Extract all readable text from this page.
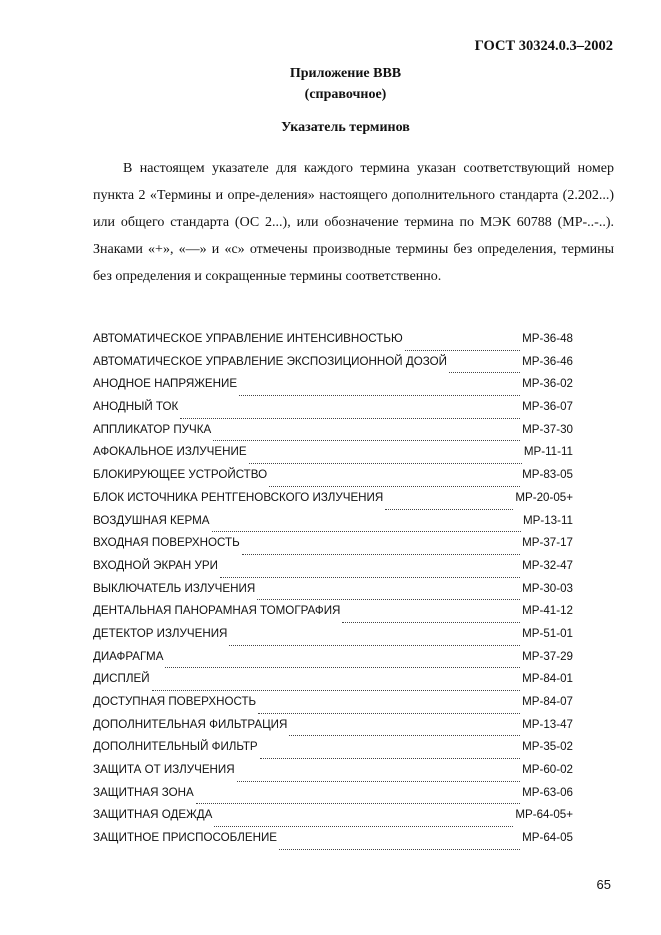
ГОСТ 30324.0.3–2002
Приложение ВВВ
(справочное)
Указатель терминов

В настоящем указателе для каждого термина указан соответствующий номер пункта 2 «Термины и опре-деления» настоящего дополнительного стандарта (2.202...) или общего стандарта (ОС 2...), или обозначение термина по МЭК 60788 (МР-..-..). Знаками «+», «—» и «с» отмечены производные термины без определения, термины без определения и сокращенные термины соответственно.

АВТОМАТИЧЕСКОЕ УПРАВЛЕНИЕ ИНТЕНСИВНОСТЬЮ	МР-36-48
АВТОМАТИЧЕСКОЕ УПРАВЛЕНИЕ ЭКСПОЗИЦИОННОЙ ДОЗОЙ	МР-36-46
АНОДНОЕ НАПРЯЖЕНИЕ	МР-36-02
АНОДНЫЙ ТОК	МР-36-07
АППЛИКАТОР ПУЧКА	МР-37-30
АФОКАЛЬНОЕ ИЗЛУЧЕНИЕ	МР-11-11
БЛОКИРУЮЩЕЕ УСТРОЙСТВО	МР-83-05
БЛОК ИСТОЧНИКА РЕНТГЕНОВСКОГО ИЗЛУЧЕНИЯ	МР-20-05+
ВОЗДУШНАЯ КЕРМА	МР-13-11
ВХОДНАЯ ПОВЕРХНОСТЬ	МР-37-17
ВХОДНОЙ ЭКРАН УРИ	МР-32-47
ВЫКЛЮЧАТЕЛЬ ИЗЛУЧЕНИЯ	МР-30-03
ДЕНТАЛЬНАЯ ПАНОРАМНАЯ ТОМОГРАФИЯ	МР-41-12
ДЕТЕКТОР ИЗЛУЧЕНИЯ	МР-51-01
ДИАФРАГМА	МР-37-29
ДИСПЛЕЙ	МР-84-01
ДОСТУПНАЯ ПОВЕРХНОСТЬ	МР-84-07
ДОПОЛНИТЕЛЬНАЯ ФИЛЬТРАЦИЯ	МР-13-47
ДОПОЛНИТЕЛЬНЫЙ ФИЛЬТР	МР-35-02
ЗАЩИТА ОТ ИЗЛУЧЕНИЯ	МР-60-02
ЗАЩИТНАЯ ЗОНА	МР-63-06
ЗАЩИТНАЯ ОДЕЖДА	МР-64-05+
ЗАЩИТНОЕ ПРИСПОСОБЛЕНИЕ	МР-64-05
65
